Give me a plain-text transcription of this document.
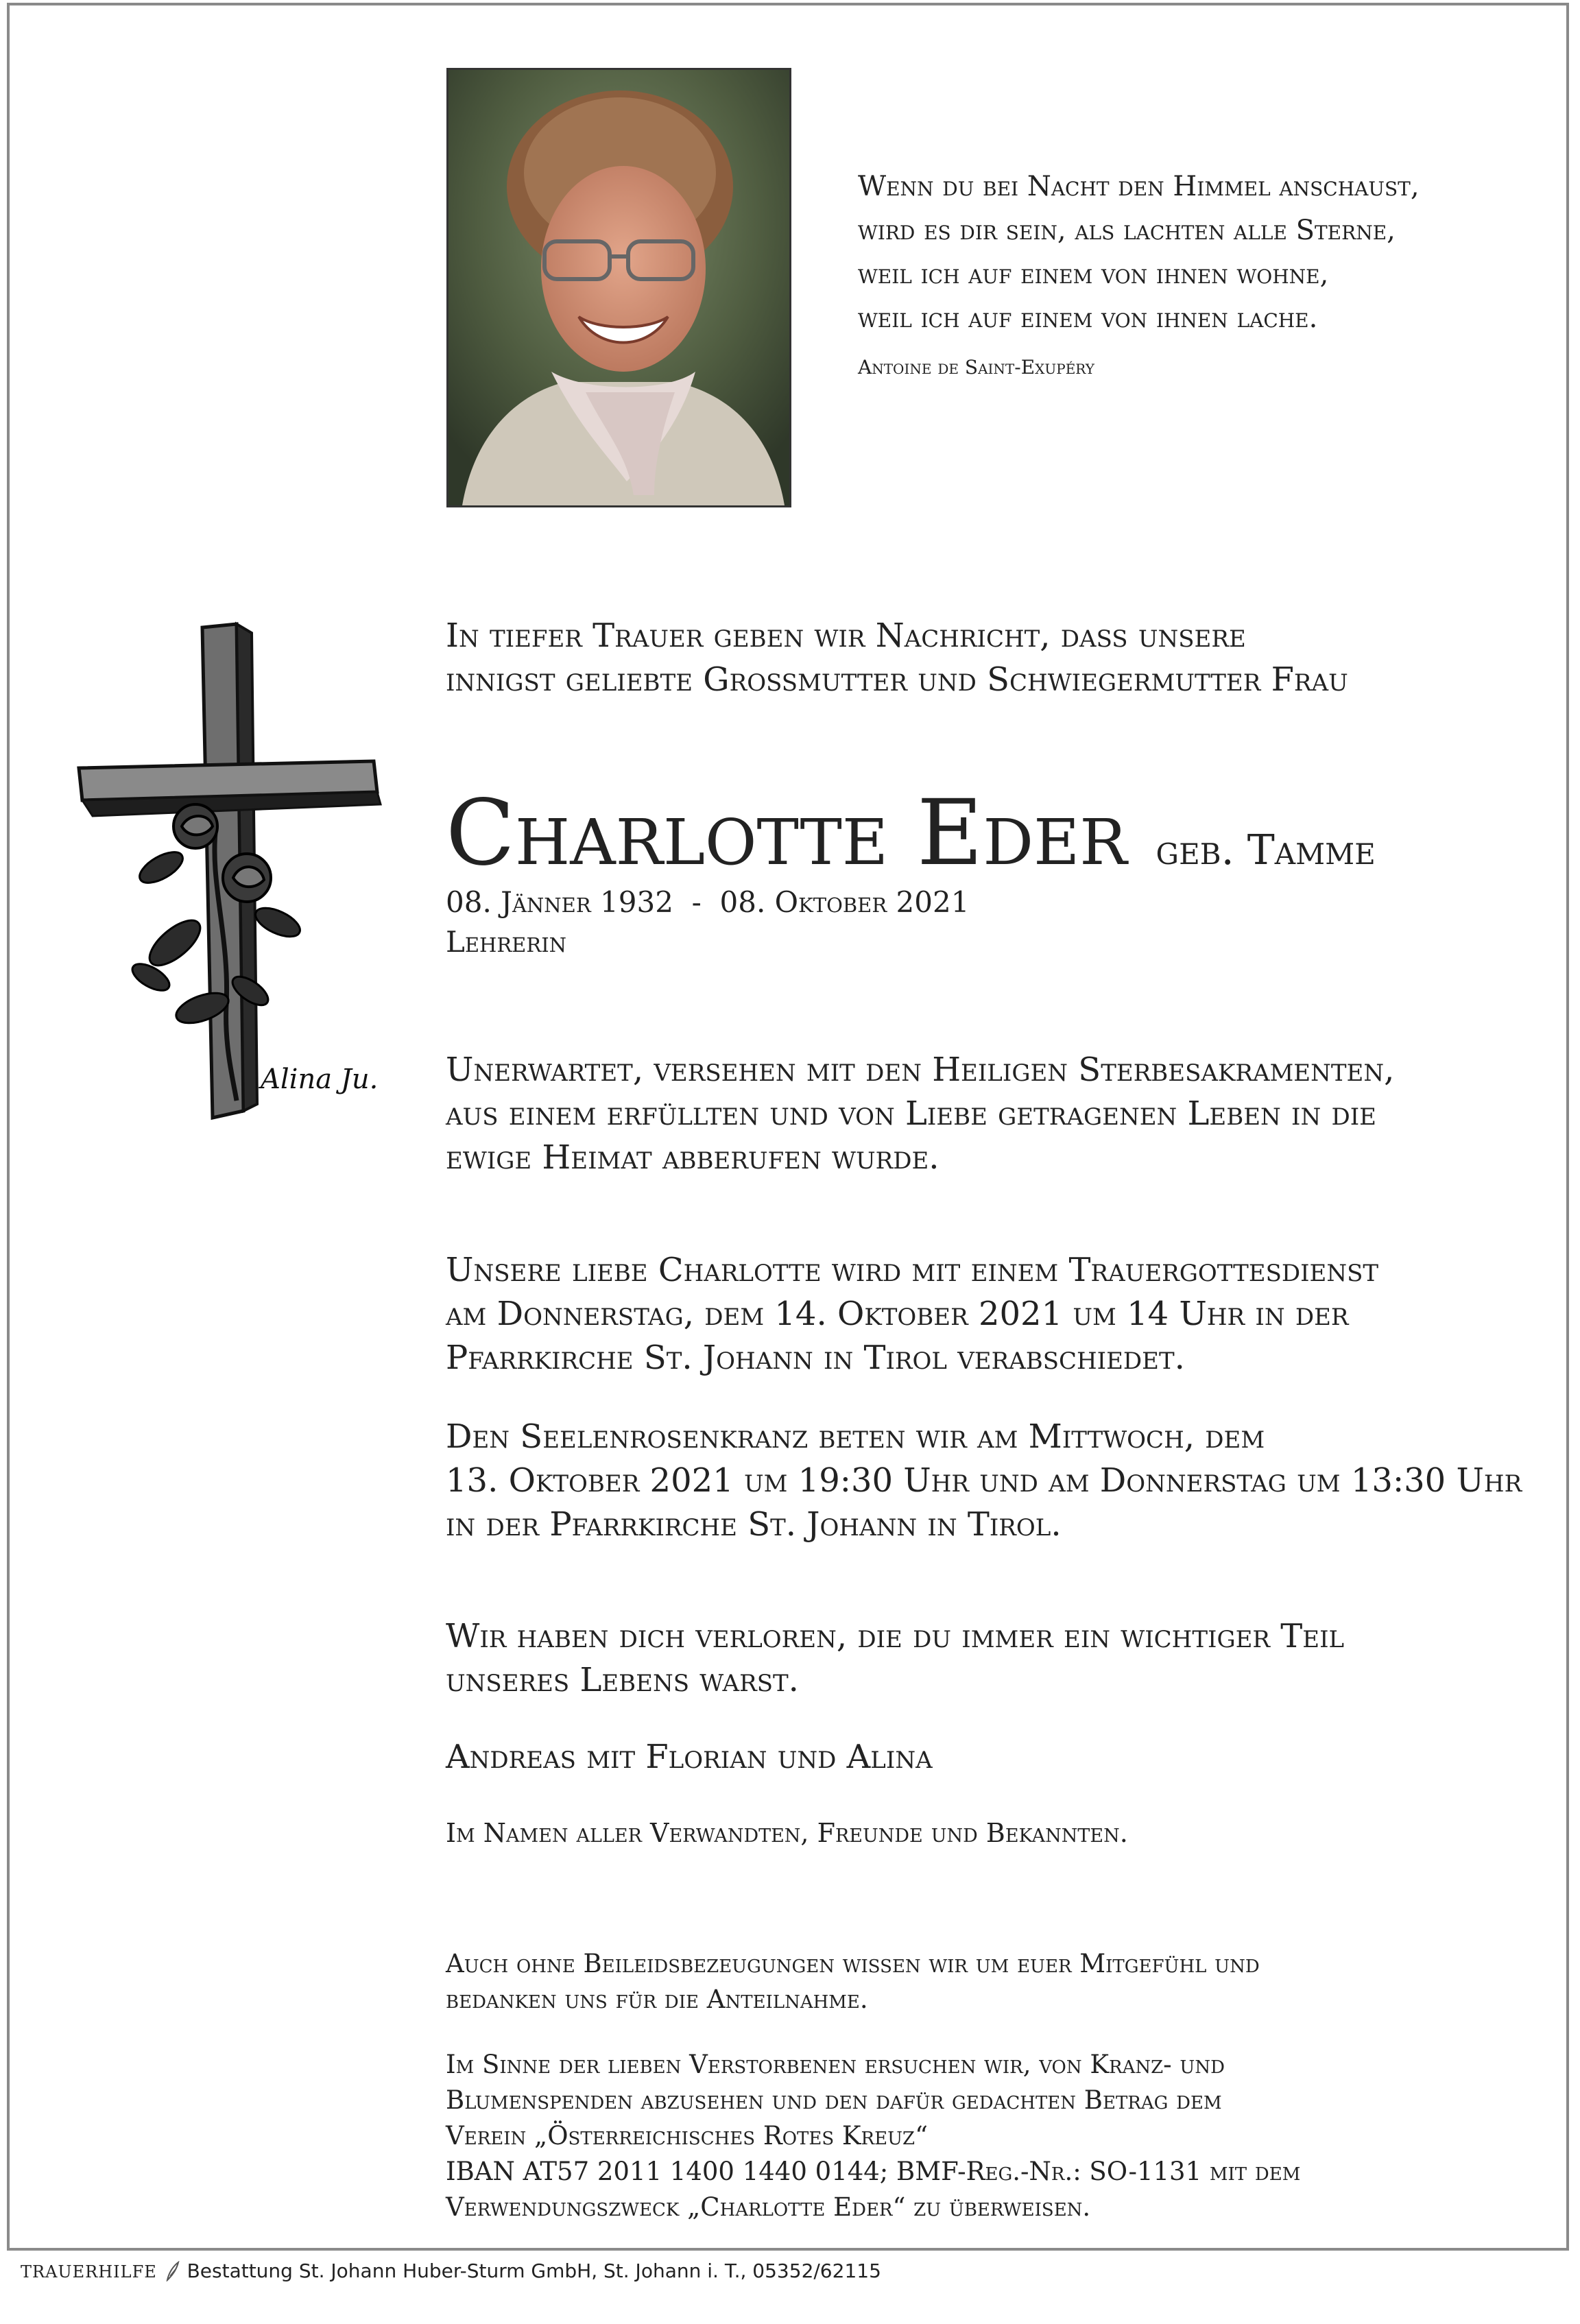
Wenn du bei Nacht den Himmel anschaust,
wird es dir sein, als lachten alle Sterne,
weil ich auf einem von ihnen wohne,
weil ich auf einem von ihnen lache.
Antoine de Saint-Exupéry
Alina Ju.
In tiefer Trauer geben wir Nachricht, dass unsere
innigst geliebte Grossmutter und Schwiegermutter Frau
Charlotte Eder geb. Tamme
08. Jänner 1932  -  08. Oktober 2021
Lehrerin
Unerwartet, versehen mit den Heiligen Sterbesakramenten,
aus einem erfüllten und von Liebe getragenen Leben in die
ewige Heimat abberufen wurde.
Unsere liebe Charlotte wird mit einem Trauergottesdienst
am Donnerstag, dem 14. Oktober 2021 um 14 Uhr in der
Pfarrkirche St. Johann in Tirol verabschiedet.
Den Seelenrosenkranz beten wir am Mittwoch, dem
13. Oktober 2021 um 19:30 Uhr und am Donnerstag um 13:30 Uhr
in der Pfarrkirche St. Johann in Tirol.
Wir haben dich verloren, die du immer ein wichtiger Teil
unseres Lebens warst.
Andreas mit Florian und Alina
Im Namen aller Verwandten, Freunde und Bekannten.
Auch ohne Beileidsbezeugungen wissen wir um euer Mitgefühl und
bedanken uns für die Anteilnahme.
Im Sinne der lieben Verstorbenen ersuchen wir, von Kranz- und
Blumenspenden abzusehen und den dafür gedachten Betrag dem
Verein „Österreichisches Rotes Kreuz“
IBAN AT57 2011 1400 1440 0144; BMF-Reg.-Nr.: SO-1131 mit dem
Verwendungszweck „Charlotte Eder“ zu überweisen.
TRAUERHILFE Bestattung St. Johann Huber-Sturm GmbH, St. Johann i. T., 05352/62115
